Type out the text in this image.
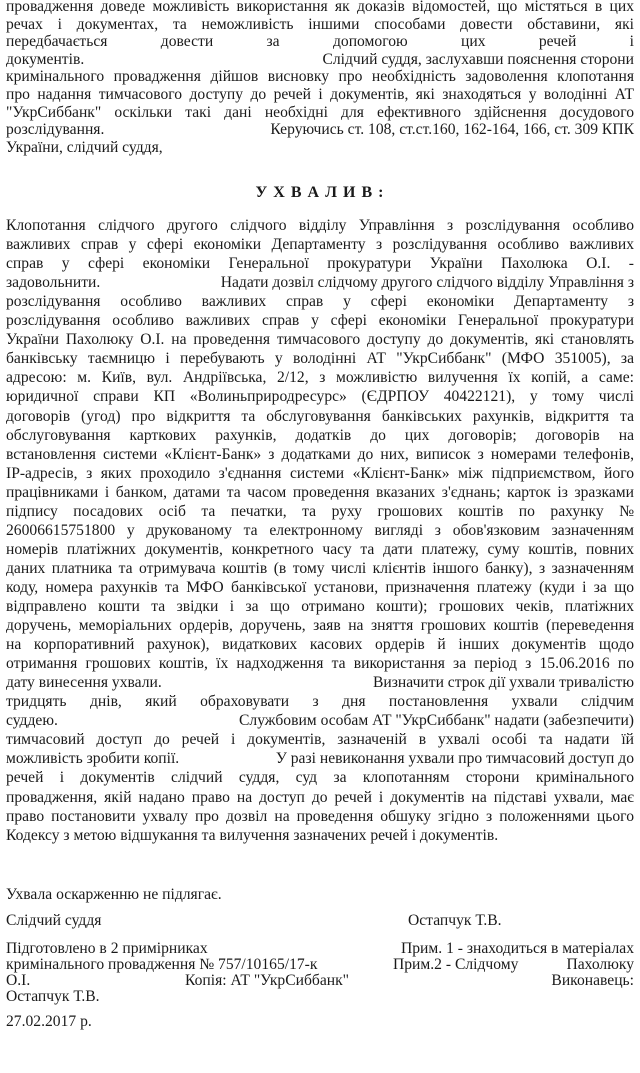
провадження доведе можливість використання як доказів відомостей, що містяться в цих
речах і документах, та неможливість іншими способами довести обставини, які
передбачається довести за допомогою цих речей і
документів.	Слідчий суддя, заслухавши пояснення сторони
кримінального провадження дійшов висновку про необхідність задоволення клопотання
про надання тимчасового доступу до речей і документів, які знаходяться у володінні АТ
"УкрСиббанк" оскільки такі дані необхідні для ефективного здійснення досудового
розслідування.	Керуючись ст. 108, ст.ст.160, 162-164, 166, ст. 309 КПК
України, слідчий суддя,
У Х В А Л И В :
Клопотання слідчого другого слідчого відділу Управління з розслідування особливо
важливих справ у сфері економіки Департаменту з розслідування особливо важливих
справ у сфері економіки Генеральної прокуратури України Пахолюка О.І. -
задовольнити.	Надати дозвіл слідчому другого слідчого відділу Управління з
розслідування особливо важливих справ у сфері економіки Департаменту з
розслідування особливо важливих справ у сфері економіки Генеральної прокуратури
України Пахолюку О.І. на проведення тимчасового доступу до документів, які становлять
банківську таємницю і перебувають у володінні АТ "УкрСиббанк" (МФО 351005), за
адресою: м. Київ, вул. Андріївська, 2/12, з можливістю вилучення їх копій, а саме:
юридичної справи КП «Волиньприродресурс» (ЄДРПОУ 40422121), у тому числі
договорів (угод) про відкриття та обслуговування банківських рахунків, відкриття та
обслуговування карткових рахунків, додатків до цих договорів; договорів на
встановлення системи «Клієнт-Банк» з додатками до них, виписок з номерами телефонів,
IP-адресів, з яких проходило з'єднання системи «Клієнт-Банк» між підприємством, його
працівниками і банком, датами та часом проведення вказаних з'єднань; карток із зразками
підпису посадових осіб та печатки, та руху грошових коштів по рахунку №
26006615751800 у друкованому та електронному вигляді з обов'язковим зазначенням
номерів платіжних документів, конкретного часу та дати платежу, суму коштів, повних
даних платника та отримувача коштів (в тому числі клієнтів іншого банку), з зазначенням
коду, номера рахунків та МФО банківської установи, призначення платежу (куди і за що
відправлено кошти та звідки і за що отримано кошти); грошових чеків, платіжних
доручень, меморіальних ордерів, доручень, заяв на зняття грошових коштів (переведення
на корпоративний рахунок), видаткових касових ордерів й інших документів щодо
отримання грошових коштів, їх надходження та використання за період з 15.06.2016 по
дату винесення ухвали.	Визначити строк дії ухвали тривалістю
тридцять днів, який обраховувати з дня постановлення ухвали слідчим
суддею.	Службовим особам АТ "УкрСиббанк" надати (забезпечити)
тимчасовий доступ до речей і документів, зазначеній в ухвалі особі та надати їй
можливість зробити копії.	У разі невиконання ухвали про тимчасовий доступ до
речей і документів слідчий суддя, суд за клопотанням сторони кримінального
провадження, якій надано право на доступ до речей і документів на підставі ухвали, має
право постановити ухвалу про дозвіл на проведення обшуку згідно з положеннями цього
Кодексу з метою відшукання та вилучення зазначених речей і документів.
Ухвала оскарженню не підлягає.
Слідчий суддя	Остапчук Т.В.
Підготовлено в 2 примірниках	Прим. 1 - знаходиться в матеріалах
кримінального провадження № 757/10165/17-к	Прим.2 - Слідчому	Пахолюку
О.І.	Копія: АТ "УкрСиббанк"	Виконавець:
Остапчук Т.В.
27.02.2017 р.
